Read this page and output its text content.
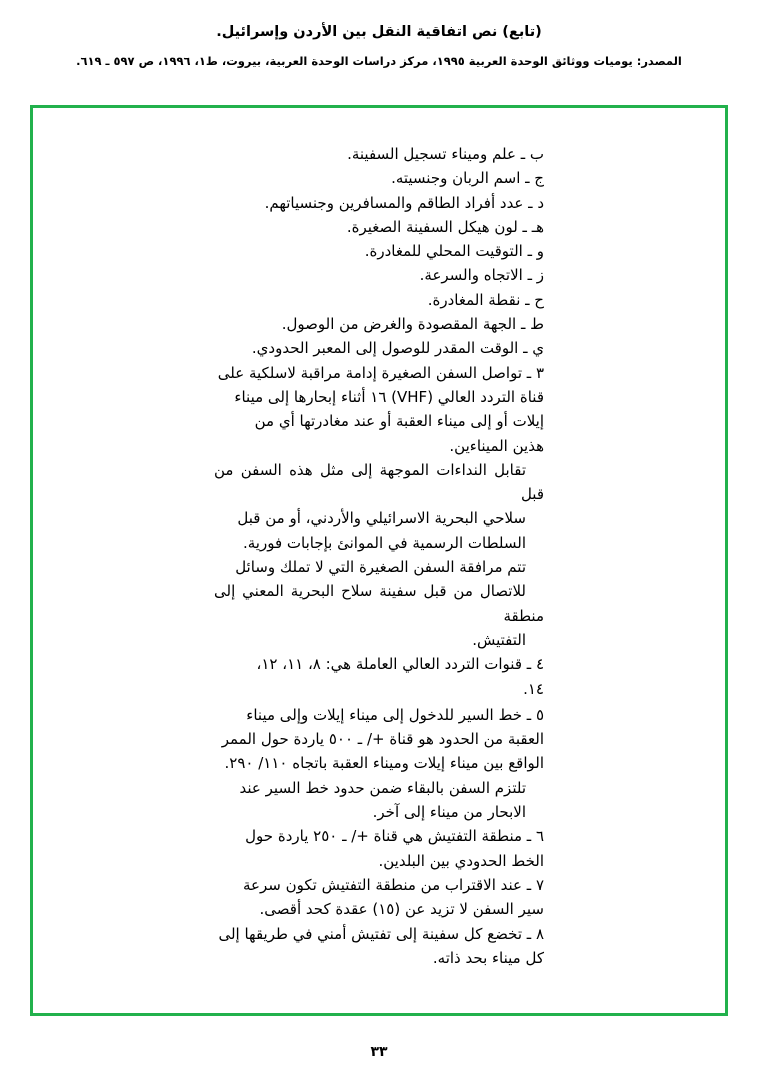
(تابع) نص اتفاقية النقل بين الأردن وإسرائيل.
المصدر: يوميات ووثائق الوحدة العربية ١٩٩٥، مركز دراسات الوحدة العربية، بيروت، ط١، ١٩٩٦، ص ٥٩٧ ـ ٦١٩.
ب ـ علم وميناء تسجيل السفينة.
ج ـ اسم الربان وجنسيته.
د ـ عدد أفراد الطاقم والمسافرين وجنسياتهم.
هـ ـ لون هيكل السفينة الصغيرة.
و ـ التوقيت المحلي للمغادرة.
ز ـ الاتجاه والسرعة.
ح ـ نقطة المغادرة.
ط ـ الجهة المقصودة والغرض من الوصول.
ي ـ الوقت المقدر للوصول إلى المعبر الحدودي.
٣ ـ تواصل السفن الصغيرة إدامة مراقبة لاسلكية على
قناة التردد العالي (VHF) ١٦ أثناء إبحارها إلى ميناء
إيلات أو إلى ميناء العقبة أو عند مغادرتها أي من
هذين الميناءين.
تقابل النداءات الموجهة إلى مثل هذه السفن من قبل
سلاحي البحرية الاسرائيلي والأردني، أو من قبل
السلطات الرسمية في الموانئ بإجابات فورية.
تتم مرافقة السفن الصغيرة التي لا تملك وسائل
للاتصال من قبل سفينة سلاح البحرية المعني إلى منطقة
التفتيش.
٤ ـ قنوات التردد العالي العاملة هي: ٨، ١١، ١٢،
١٤.
٥ ـ خط السير للدخول إلى ميناء إيلات وإلى ميناء
العقبة من الحدود هو قناة +/ ـ ٥٠٠ ياردة حول الممر
الواقع بين ميناء إيلات وميناء العقبة باتجاه ١١٠/ ٢٩٠.
تلتزم السفن بالبقاء ضمن حدود خط السير عند
الابحار من ميناء إلى آخر.
٦ ـ منطقة التفتيش هي قناة +/ ـ ٢٥٠ ياردة حول
الخط الحدودي بين البلدين.
٧ ـ عند الاقتراب من منطقة التفتيش تكون سرعة
سير السفن لا تزيد عن (١٥) عقدة كحد أقصى.
٨ ـ تخضع كل سفينة إلى تفتيش أمني في طريقها إلى
كل ميناء بحد ذاته.
٣٣
